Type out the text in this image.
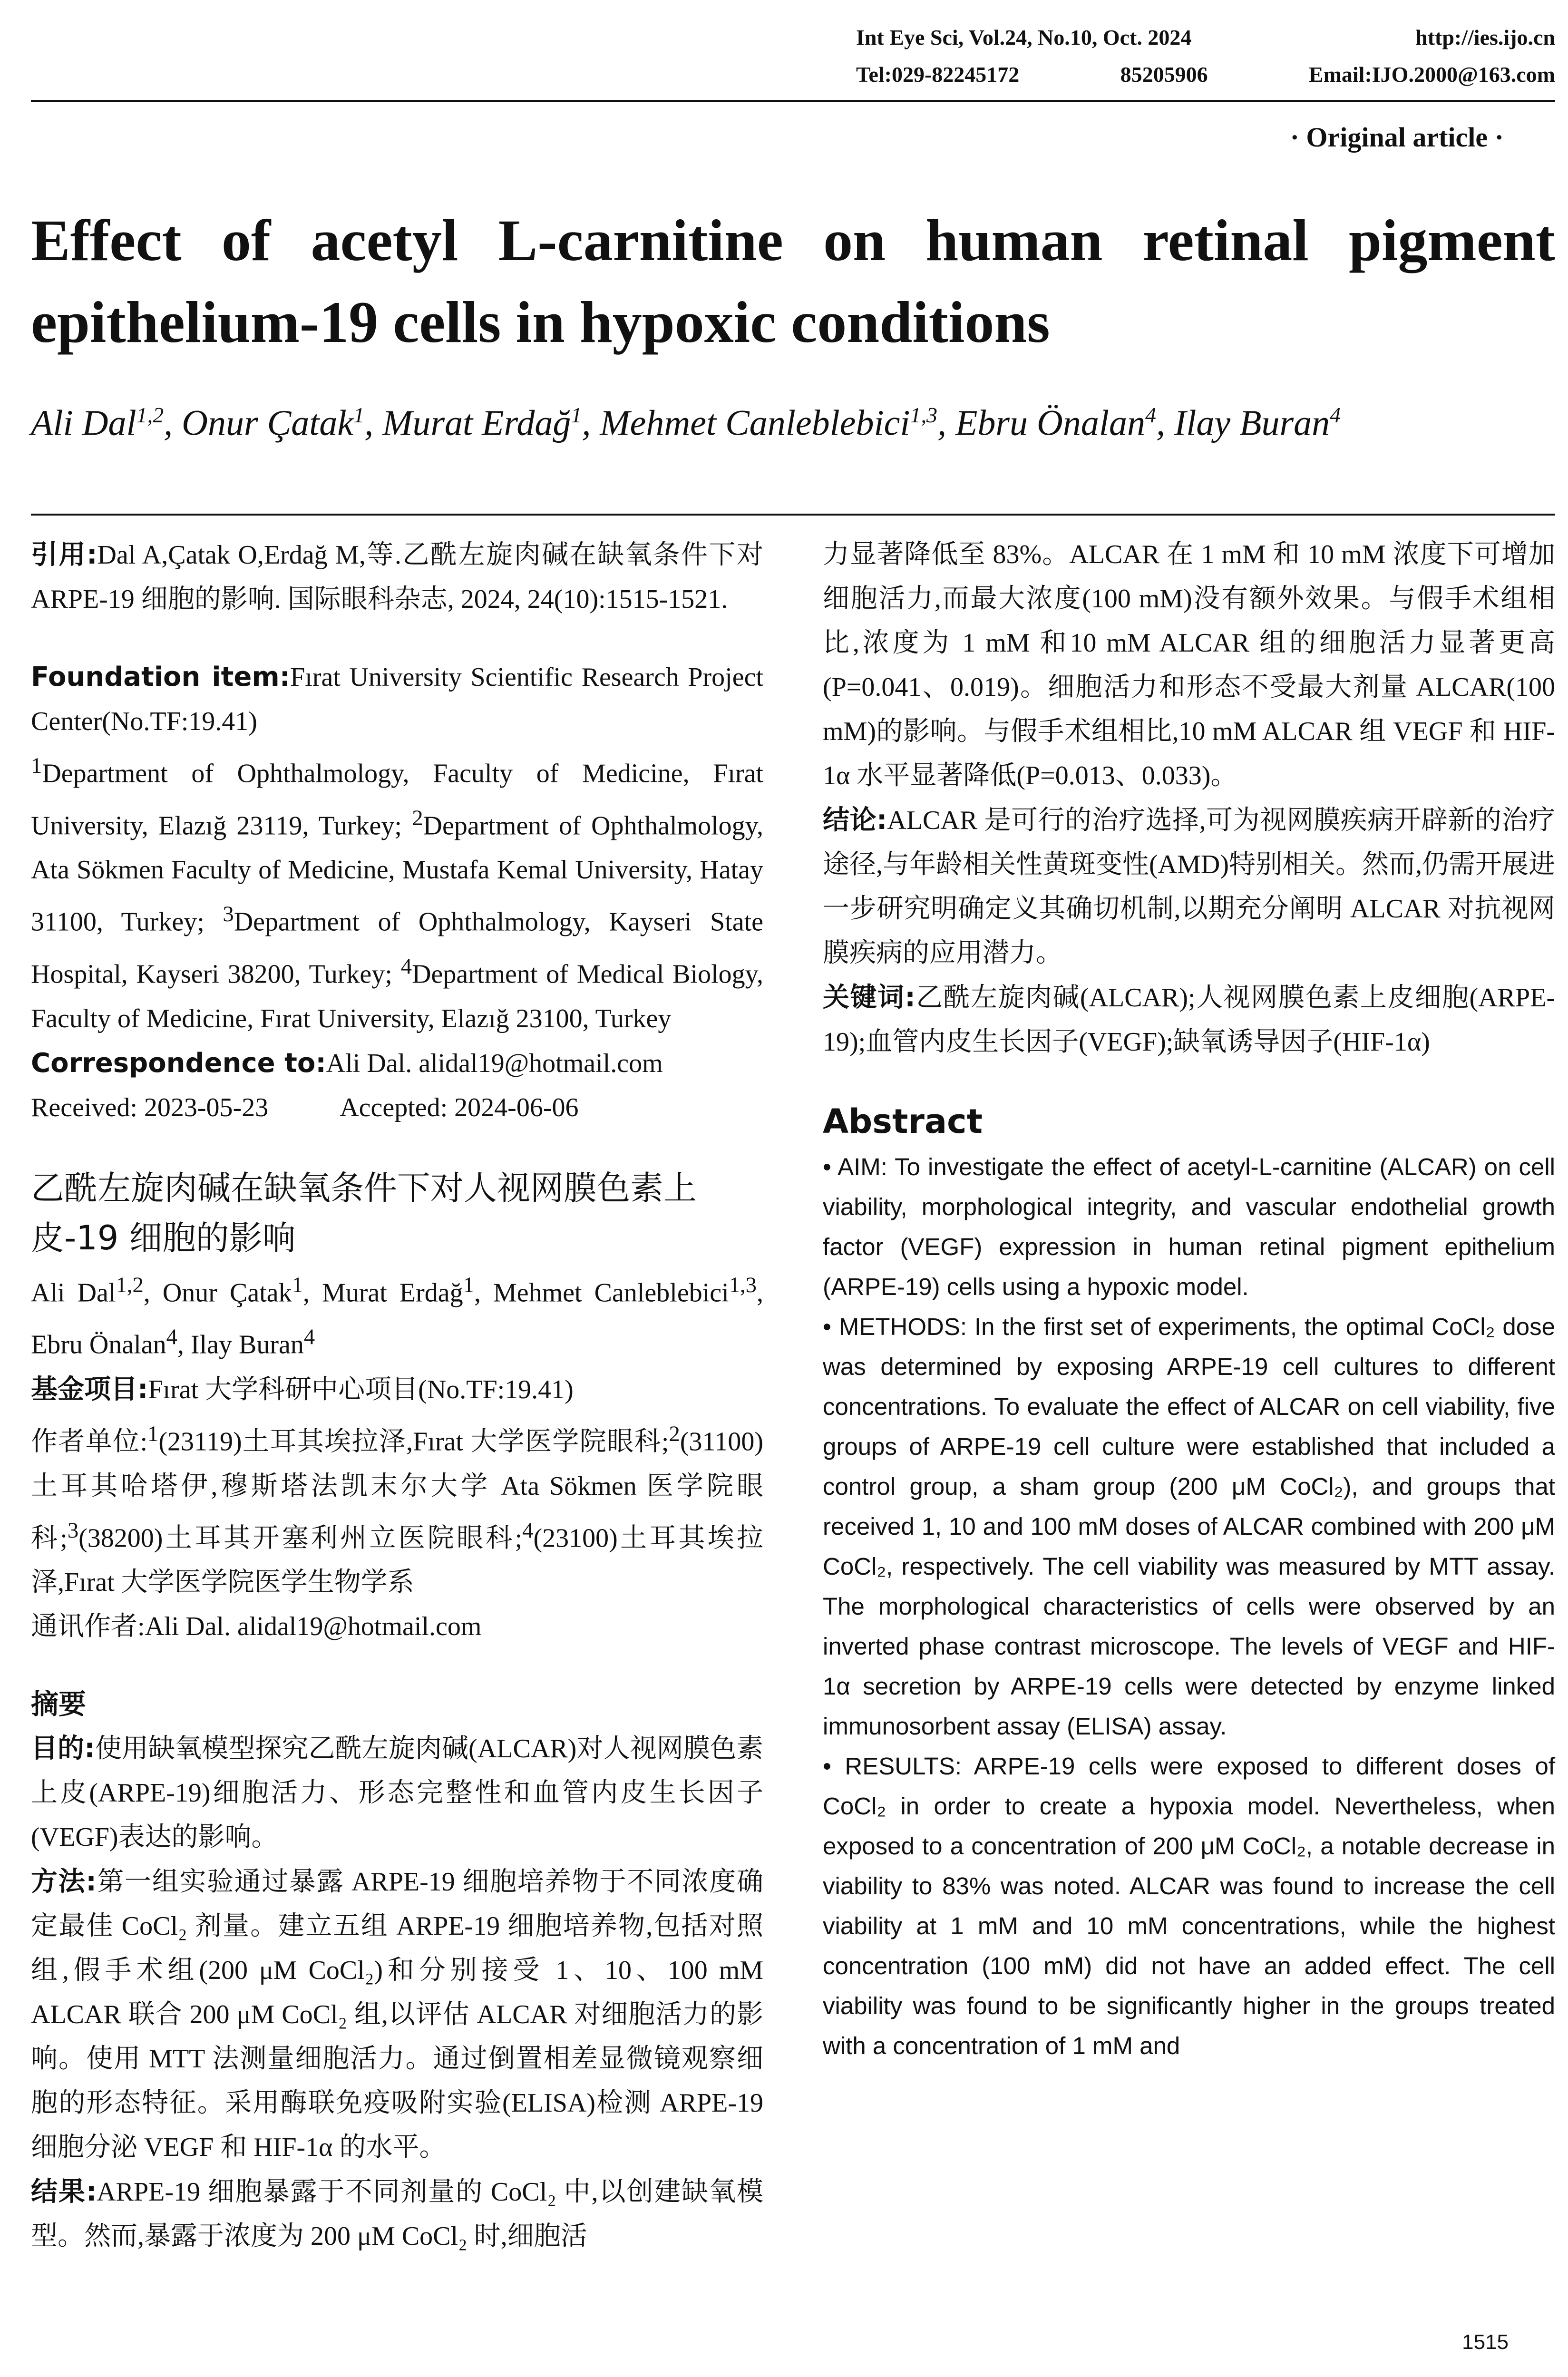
Int Eye Sci, Vol.24, No.10, Oct. 2024	http://ies.ijo.cn
Tel:029-82245172	85205906	Email:IJO.2000@163.com
· Original article ·
Effect of acetyl L-carnitine on human retinal pigment epithelium-19 cells in hypoxic conditions
Ali Dal$^{1,2}$, Onur Çatak$^1$, Murat Erdağ$^1$, Mehmet Canleblebici$^{1,3}$, Ebru Önalan$^4$, Ilay Buran$^4$

引用:Dal A,Çatak O,Erdağ M,等.乙酰左旋肉碱在缺氧条件下对 ARPE-19 细胞的影响. 国际眼科杂志, 2024, 24(10):1515-1521.

Foundation item:Fırat University Scientific Research Project Center(No.TF:19.41)

$^1$Department of Ophthalmology, Faculty of Medicine, Fırat University, Elazığ 23119, Turkey; $^2$Department of Ophthalmology, Ata Sökmen Faculty of Medicine, Mustafa Kemal University, Hatay 31100, Turkey; $^3$Department of Ophthalmology, Kayseri State Hospital, Kayseri 38200, Turkey; $^4$Department of Medical Biology, Faculty of Medicine, Fırat University, Elazığ 23100, Turkey

Correspondence to:Ali Dal. alidal19@hotmail.com

Received: 2023-05-23	Accepted: 2024-06-06
乙酰左旋肉碱在缺氧条件下对人视网膜色素上皮-19 细胞的影响

Ali Dal$^{1,2}$, Onur Çatak$^1$, Murat Erdağ$^1$, Mehmet Canleblebici$^{1,3}$, Ebru Önalan$^4$, Ilay Buran$^4$

基金项目:Fırat 大学科研中心项目(No.TF:19.41)

作者单位:$^1$(23119)土耳其埃拉泽,Fırat 大学医学院眼科;$^2$(31100)土耳其哈塔伊,穆斯塔法凯末尔大学 Ata Sökmen 医学院眼科;$^3$(38200)土耳其开塞利州立医院眼科;$^4$(23100)土耳其埃拉泽,Fırat 大学医学院医学生物学系

通讯作者:Ali Dal. alidal19@hotmail.com

摘要

目的:使用缺氧模型探究乙酰左旋肉碱(ALCAR)对人视网膜色素上皮(ARPE-19)细胞活力、形态完整性和血管内皮生长因子(VEGF)表达的影响。

方法:第一组实验通过暴露 ARPE-19 细胞培养物于不同浓度确定最佳 CoCl₂ 剂量。建立五组 ARPE-19 细胞培养物,包括对照组,假手术组(200 μM CoCl₂)和分别接受 1、10、100 mM ALCAR 联合 200 μM CoCl₂ 组,以评估 ALCAR 对细胞活力的影响。使用 MTT 法测量细胞活力。通过倒置相差显微镜观察细胞的形态特征。采用酶联免疫吸附实验(ELISA)检测 ARPE-19 细胞分泌 VEGF 和 HIF-1α 的水平。

结果:ARPE-19 细胞暴露于不同剂量的 CoCl₂ 中,以创建缺氧模型。然而,暴露于浓度为 200 μM CoCl₂ 时,细胞活

力显著降低至 83%。ALCAR 在 1 mM 和 10 mM 浓度下可增加细胞活力,而最大浓度(100 mM)没有额外效果。与假手术组相比,浓度为 1 mM 和10 mM ALCAR 组的细胞活力显著更高(P=0.041、0.019)。细胞活力和形态不受最大剂量 ALCAR(100 mM)的影响。与假手术组相比,10 mM ALCAR 组 VEGF 和 HIF-1α 水平显著降低(P=0.013、0.033)。

结论:ALCAR 是可行的治疗选择,可为视网膜疾病开辟新的治疗途径,与年龄相关性黄斑变性(AMD)特别相关。然而,仍需开展进一步研究明确定义其确切机制,以期充分阐明 ALCAR 对抗视网膜疾病的应用潜力。

关键词:乙酰左旋肉碱(ALCAR);人视网膜色素上皮细胞(ARPE-19);血管内皮生长因子(VEGF);缺氧诱导因子(HIF-1α)

Abstract

• AIM: To investigate the effect of acetyl-L-carnitine (ALCAR) on cell viability, morphological integrity, and vascular endothelial growth factor (VEGF) expression in human retinal pigment epithelium (ARPE-19) cells using a hypoxic model.

• METHODS: In the first set of experiments, the optimal CoCl₂ dose was determined by exposing ARPE-19 cell cultures to different concentrations. To evaluate the effect of ALCAR on cell viability, five groups of ARPE-19 cell culture were established that included a control group, a sham group (200 μM CoCl₂), and groups that received 1, 10 and 100 mM doses of ALCAR combined with 200 μM CoCl₂, respectively. The cell viability was measured by MTT assay. The morphological characteristics of cells were observed by an inverted phase contrast microscope. The levels of VEGF and HIF-1α secretion by ARPE-19 cells were detected by enzyme linked immunosorbent assay (ELISA) assay.

• RESULTS: ARPE-19 cells were exposed to different doses of CoCl₂ in order to create a hypoxia model. Nevertheless, when exposed to a concentration of 200 μM CoCl₂, a notable decrease in viability to 83% was noted. ALCAR was found to increase the cell viability at 1 mM and 10 mM concentrations, while the highest concentration (100 mM) did not have an added effect. The cell viability was found to be significantly higher in the groups treated with a concentration of 1 mM and

1515
